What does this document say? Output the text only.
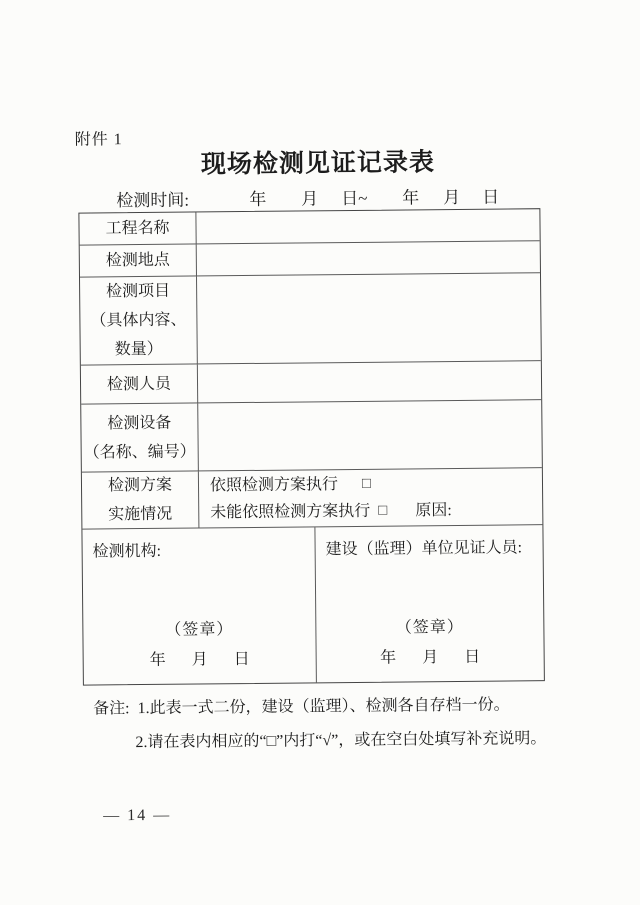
附件 1
现场检测见证记录表
检测时间:	年 月 日~ 年 月 日
工程名称
检测地点
检测项目
（具体内容、
数量）
检测人员
检测设备
（名称、编号）
检测方案
实施情况
依照检测方案执行 □
未能依照检测方案执行 □ 原因:
检测机构:
（签章）
年 月 日
建设（监理）单位见证人员:
（签章）
年 月 日
备注: 1.此表一式二份，建设（监理）、检测各自存档一份。
2.请在表内相应的“□”内打“√”，或在空白处填写补充说明。
— 14 —
